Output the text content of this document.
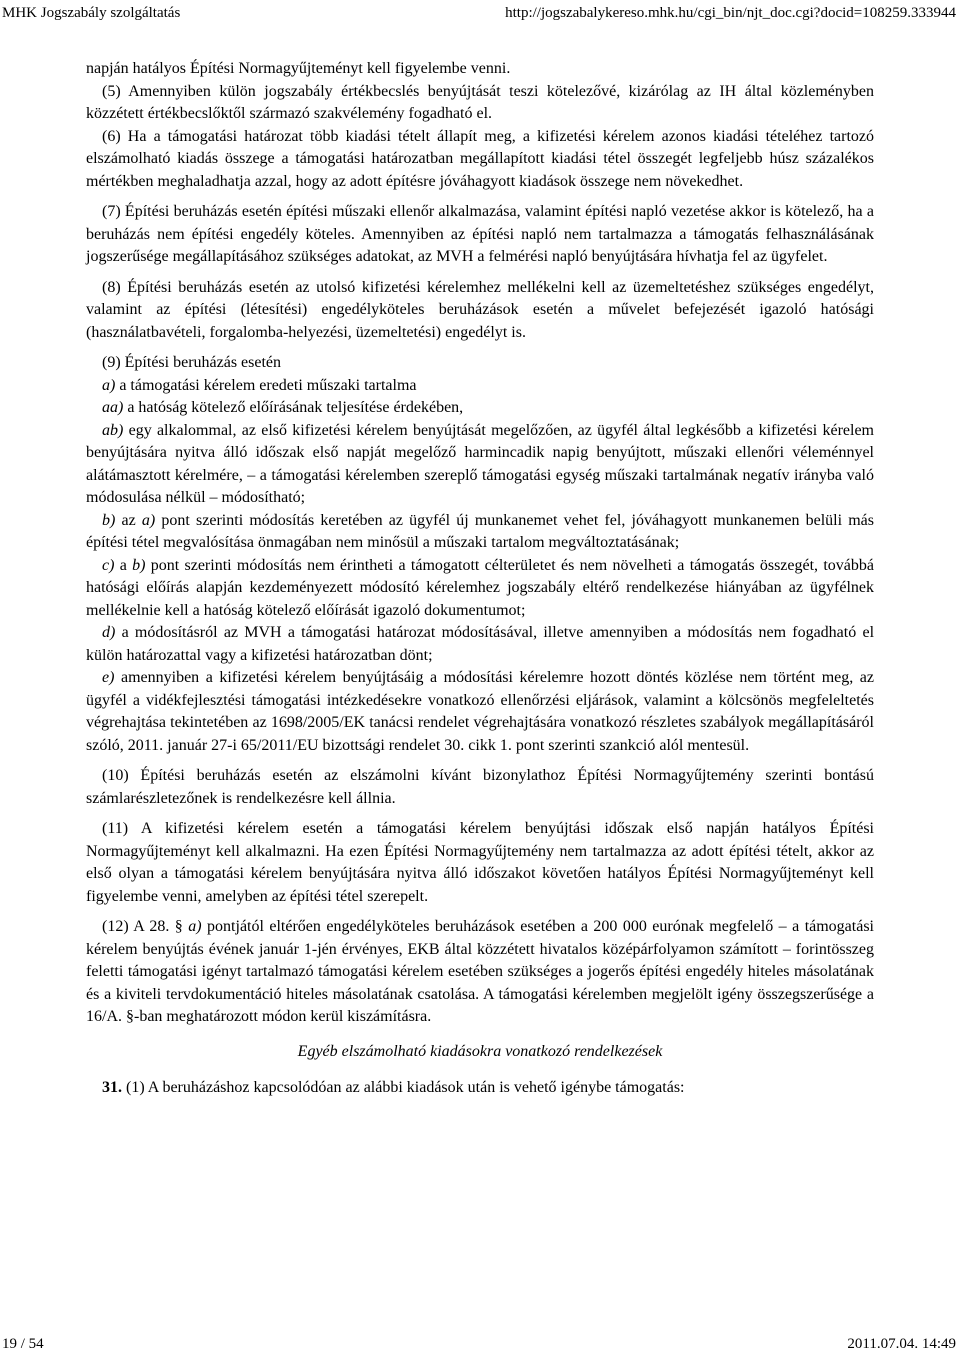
MHK Jogszabály szolgáltatás	http://jogszabalykereso.mhk.hu/cgi_bin/njt_doc.cgi?docid=108259.333944

napján hatályos Építési Normagyűjteményt kell figyelembe venni.

(5) Amennyiben külön jogszabály értékbecslés benyújtását teszi kötelezővé, kizárólag az IH által közleményben közzétett értékbecslőktől származó szakvélemény fogadható el.

(6) Ha a támogatási határozat több kiadási tételt állapít meg, a kifizetési kérelem azonos kiadási tételéhez tartozó elszámolható kiadás összege a támogatási határozatban megállapított kiadási tétel összegét legfeljebb húsz százalékos mértékben meghaladhatja azzal, hogy az adott építésre jóváhagyott kiadások összege nem növekedhet.

(7) Építési beruházás esetén építési műszaki ellenőr alkalmazása, valamint építési napló vezetése akkor is kötelező, ha a beruházás nem építési engedély köteles. Amennyiben az építési napló nem tartalmazza a támogatás felhasználásának jogszerűsége megállapításához szükséges adatokat, az MVH a felmérési napló benyújtására hívhatja fel az ügyfelet.

(8) Építési beruházás esetén az utolsó kifizetési kérelemhez mellékelni kell az üzemeltetéshez szükséges engedélyt, valamint az építési (létesítési) engedélyköteles beruházások esetén a művelet befejezését igazoló hatósági (használatbavételi, forgalomba-helyezési, üzemeltetési) engedélyt is.

(9) Építési beruházás esetén

a) a támogatási kérelem eredeti műszaki tartalma

aa) a hatóság kötelező előírásának teljesítése érdekében,

ab) egy alkalommal, az első kifizetési kérelem benyújtását megelőzően, az ügyfél által legkésőbb a kifizetési kérelem benyújtására nyitva álló időszak első napját megelőző harmincadik napig benyújtott, műszaki ellenőri véleménnyel alátámasztott kérelmére, – a támogatási kérelemben szereplő támogatási egység műszaki tartalmának negatív irányba való módosulása nélkül – módosítható;

b) az a) pont szerinti módosítás keretében az ügyfél új munkanemet vehet fel, jóváhagyott munkanemen belüli más építési tétel megvalósítása önmagában nem minősül a műszaki tartalom megváltoztatásának;

c) a b) pont szerinti módosítás nem érintheti a támogatott célterületet és nem növelheti a támogatás összegét, továbbá hatósági előírás alapján kezdeményezett módosító kérelemhez jogszabály eltérő rendelkezése hiányában az ügyfélnek mellékelnie kell a hatóság kötelező előírását igazoló dokumentumot;

d) a módosításról az MVH a támogatási határozat módosításával, illetve amennyiben a módosítás nem fogadható el külön határozattal vagy a kifizetési határozatban dönt;

e) amennyiben a kifizetési kérelem benyújtásáig a módosítási kérelemre hozott döntés közlése nem történt meg, az ügyfél a vidékfejlesztési támogatási intézkedésekre vonatkozó ellenőrzési eljárások, valamint a kölcsönös megfeleltetés végrehajtása tekintetében az 1698/2005/EK tanácsi rendelet végrehajtására vonatkozó részletes szabályok megállapításáról szóló, 2011. január 27-i 65/2011/EU bizottsági rendelet 30. cikk 1. pont szerinti szankció alól mentesül.

(10) Építési beruházás esetén az elszámolni kívánt bizonylathoz Építési Normagyűjtemény szerinti bontású számlarészletezőnek is rendelkezésre kell állnia.

(11) A kifizetési kérelem esetén a támogatási kérelem benyújtási időszak első napján hatályos Építési Normagyűjteményt kell alkalmazni. Ha ezen Építési Normagyűjtemény nem tartalmazza az adott építési tételt, akkor az első olyan a támogatási kérelem benyújtására nyitva álló időszakot követően hatályos Építési Normagyűjteményt kell figyelembe venni, amelyben az építési tétel szerepelt.

(12) A 28. § a) pontjától eltérően engedélyköteles beruházások esetében a 200 000 eurónak megfelelő – a támogatási kérelem benyújtás évének január 1-jén érvényes, EKB által közzétett hivatalos középárfolyamon számított – forintösszeg feletti támogatási igényt tartalmazó támogatási kérelem esetében szükséges a jogerős építési engedély hiteles másolatának és a kiviteli tervdokumentáció hiteles másolatának csatolása. A támogatási kérelemben megjelölt igény összegszerűsége a 16/A. §-ban meghatározott módon kerül kiszámításra.

Egyéb elszámolható kiadásokra vonatkozó rendelkezések

31. (1) A beruházáshoz kapcsolódóan az alábbi kiadások után is vehető igénybe támogatás:

19 / 54	2011.07.04. 14:49
